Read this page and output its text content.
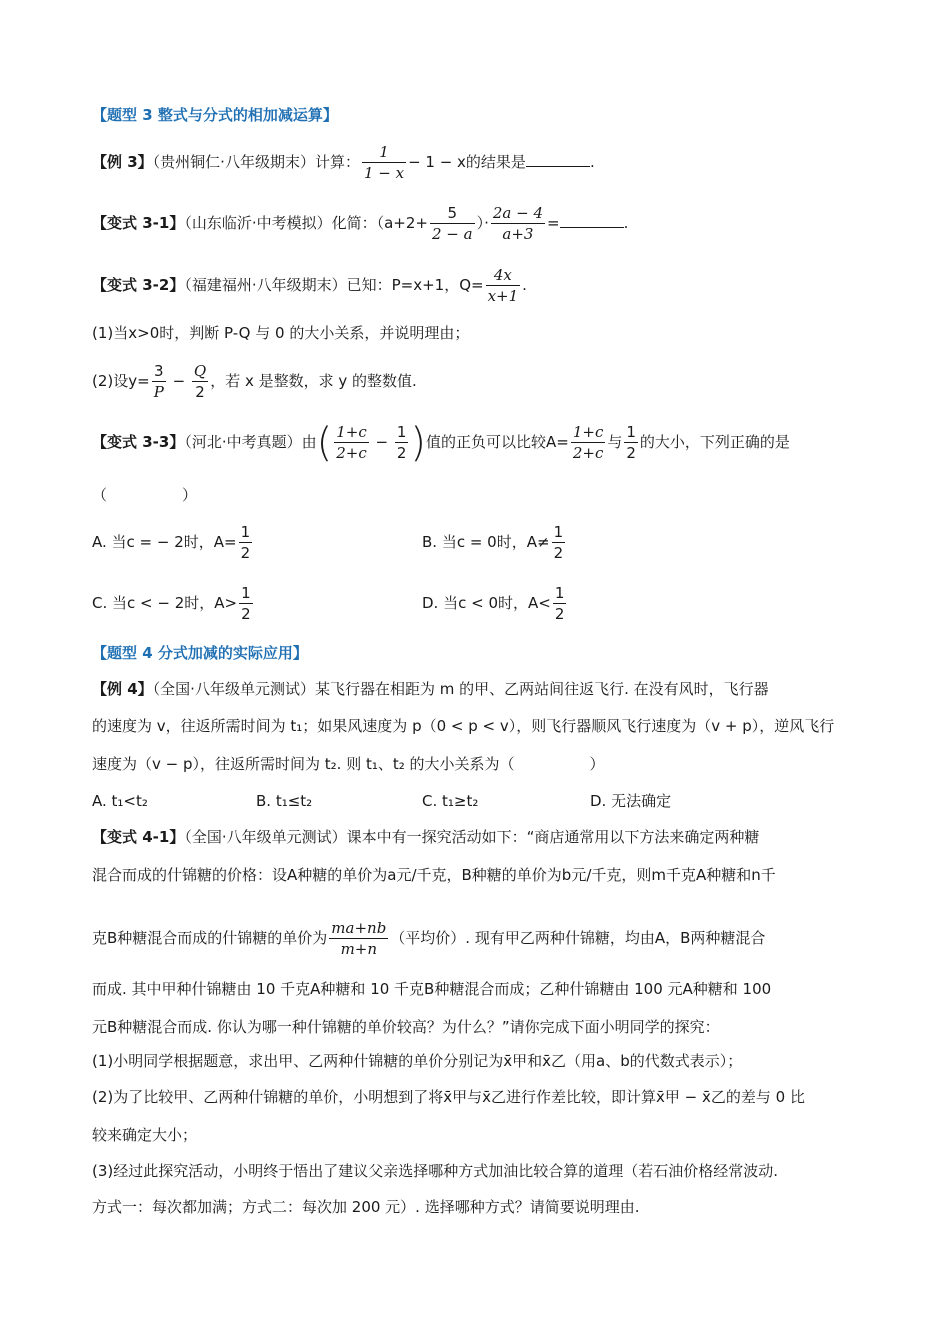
【题型 3 整式与分式的相加减运算】
【例 3】（贵州铜仁·八年级期末）计算： $\frac{1}{1 - x} - 1 - x$的结果是	.
【变式 3-1】（山东临沂·中考模拟）化简：（$a+2+ \frac{5}{2 - a}$ ）· $\frac{2a - 4}{a+3}$ =	.
【变式 3-2】（福建福州·八年级期末）已知：P=x+1，$Q= \frac{4x}{x+1}$ .
(1)当x>0时，判断 P-Q 与 0 的大小关系，并说明理由；
(2)设$y= \frac{3}{P} - \frac{Q}{2}$ ，若 x 是整数，求 y 的整数值.
【变式 3-3】（河北·中考真题）由( $\frac{1+c}{2+c} - \frac{1}{2}$ )值的正负可以比较$A= \frac{1+c}{2+c}$ 与 $\frac{1}{2}$ 的大小，下列正确的是
（　　　　　）
A. 当c = − 2时，$A= \frac{1}{2}$	B. 当c = 0时，$A\ne \frac{1}{2}$
C. 当c < − 2时，$A> \frac{1}{2}$	D. 当c < 0时，$A< \frac{1}{2}$
【题型 4 分式加减的实际应用】
【例 4】（全国·八年级单元测试）某飞行器在相距为 m 的甲、乙两站间往返飞行. 在没有风时，飞行器
的速度为 v，往返所需时间为 t₁；如果风速度为 p（0 < p < v），则飞行器顺风飞行速度为（v + p），逆风飞行
速度为（v − p），往返所需时间为 t₂. 则 t₁、t₂ 的大小关系为（　　　　　）
A. t₁<t₂	B. t₁≤t₂	C. t₁≥t₂	D. 无法确定
【变式 4-1】（全国·八年级单元测试）课本中有一探究活动如下：“商店通常用以下方法来确定两种糖
混合而成的什锦糖的价格：设A种糖的单价为a元/千克，B种糖的单价为b元/千克，则m千克A种糖和n千
克B种糖混合而成的什锦糖的单价为 $\frac{ma+nb}{m+n}$ （平均价）. 现有甲乙两种什锦糖，均由A，B两种糖混合
而成. 其中甲种什锦糖由 10 千克A种糖和 10 千克B种糖混合而成；乙种什锦糖由 100 元A种糖和 100
元B种糖混合而成. 你认为哪一种什锦糖的单价较高？为什么？”请你完成下面小明同学的探究：
(1)小明同学根据题意，求出甲、乙两种什锦糖的单价分别记为x̄甲和x̄乙（用a、b的代数式表示）；
(2)为了比较甲、乙两种什锦糖的单价，小明想到了将x̄甲与x̄乙进行作差比较，即计算x̄甲 − x̄乙的差与 0 比
较来确定大小；
(3)经过此探究活动，小明终于悟出了建议父亲选择哪种方式加油比较合算的道理（若石油价格经常波动.
方式一：每次都加满；方式二：每次加 200 元）. 选择哪种方式？请简要说明理由.
